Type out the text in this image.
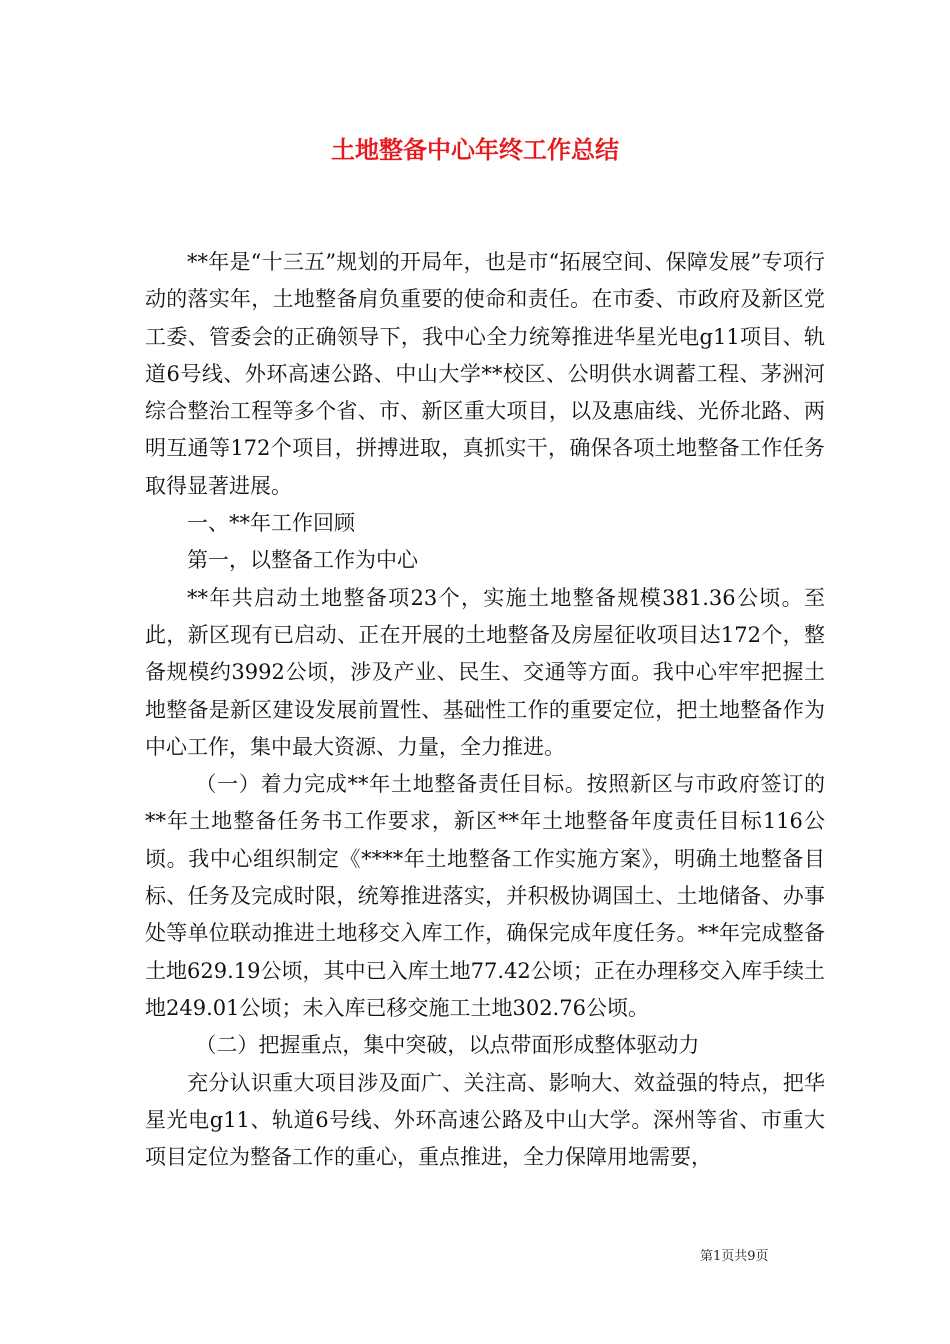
土地整备中心年终工作总结

**年是“十三五”规划的开局年，也是市“拓展空间、保障发展”专项行动的落实年，土地整备肩负重要的使命和责任。在市委、市政府及新区党工委、管委会的正确领导下，我中心全力统筹推进华星光电g11项目、轨道6号线、外环高速公路、中山大学**校区、公明供水调蓄工程、茅洲河综合整治工程等多个省、市、新区重大项目，以及惠庙线、光侨北路、两明互通等172个项目，拼搏进取，真抓实干，确保各项土地整备工作任务取得显著进展。

一、**年工作回顾

第一，以整备工作为中心

**年共启动土地整备项23个，实施土地整备规模381.36公顷。至此，新区现有已启动、正在开展的土地整备及房屋征收项目达172个，整备规模约3992公顷，涉及产业、民生、交通等方面。我中心牢牢把握土地整备是新区建设发展前置性、基础性工作的重要定位，把土地整备作为中心工作，集中最大资源、力量，全力推进。

（一）着力完成**年土地整备责任目标。按照新区与市政府签订的**年土地整备任务书工作要求，新区**年土地整备年度责任目标116公顷。我中心组织制定《****年土地整备工作实施方案》，明确土地整备目标、任务及完成时限，统筹推进落实，并积极协调国土、土地储备、办事处等单位联动推进土地移交入库工作，确保完成年度任务。**年完成整备土地629.19公顷，其中已入库土地77.42公顷；正在办理移交入库手续土地249.01公顷；未入库已移交施工土地302.76公顷。

（二）把握重点，集中突破，以点带面形成整体驱动力

充分认识重大项目涉及面广、关注高、影响大、效益强的特点，把华星光电g11、轨道6号线、外环高速公路及中山大学。深州等省、市重大项目定位为整备工作的重心，重点推进，全力保障用地需要，

第1页共9页
